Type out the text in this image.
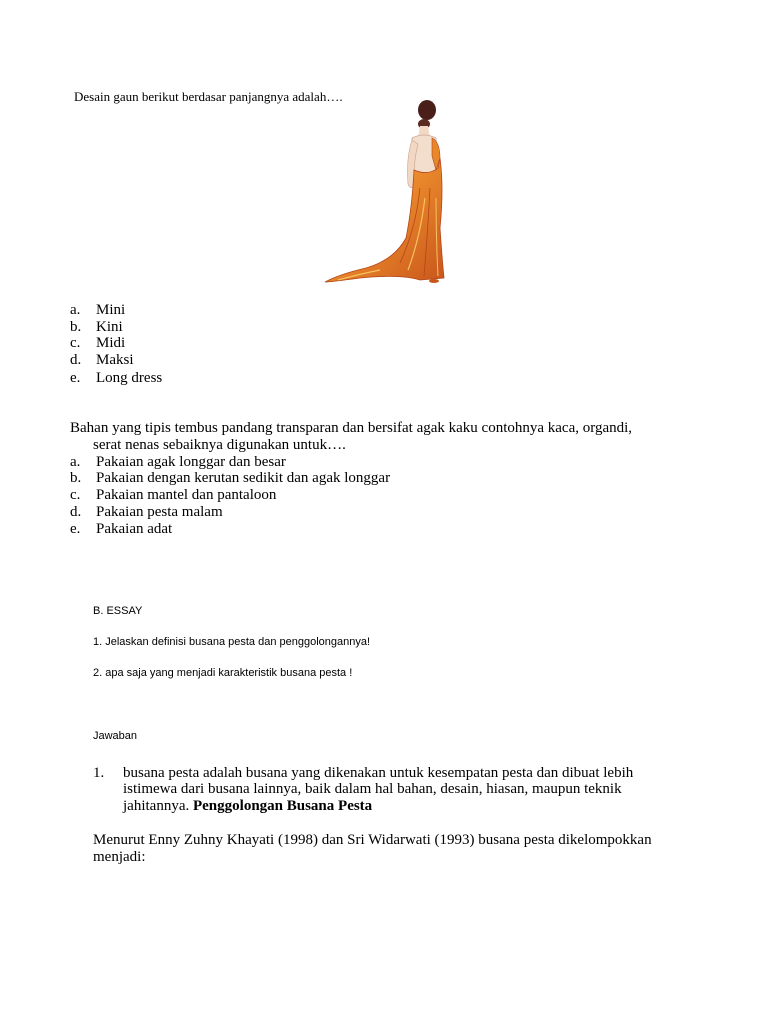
Desain gaun berikut berdasar panjangnya adalah….
a. Mini
b. Kini
c. Midi
d. Maksi
e. Long dress
Bahan yang tipis tembus pandang transparan dan bersifat agak kaku contohnya kaca, organdi,
serat nenas sebaiknya digunakan untuk….
a. Pakaian agak longgar dan besar
b. Pakaian dengan kerutan sedikit dan agak longgar
c. Pakaian mantel dan pantaloon
d. Pakaian pesta malam
e. Pakaian adat
B. ESSAY
1. Jelaskan definisi busana pesta dan penggolongannya!
2. apa saja yang menjadi karakteristik busana pesta !
Jawaban
1. busana pesta adalah busana yang dikenakan untuk kesempatan pesta dan dibuat lebih
istimewa dari busana lainnya, baik dalam hal bahan, desain, hiasan, maupun teknik
jahitannya. Penggolongan Busana Pesta
Menurut Enny Zuhny Khayati (1998) dan Sri Widarwati (1993) busana pesta dikelompokkan
menjadi:
